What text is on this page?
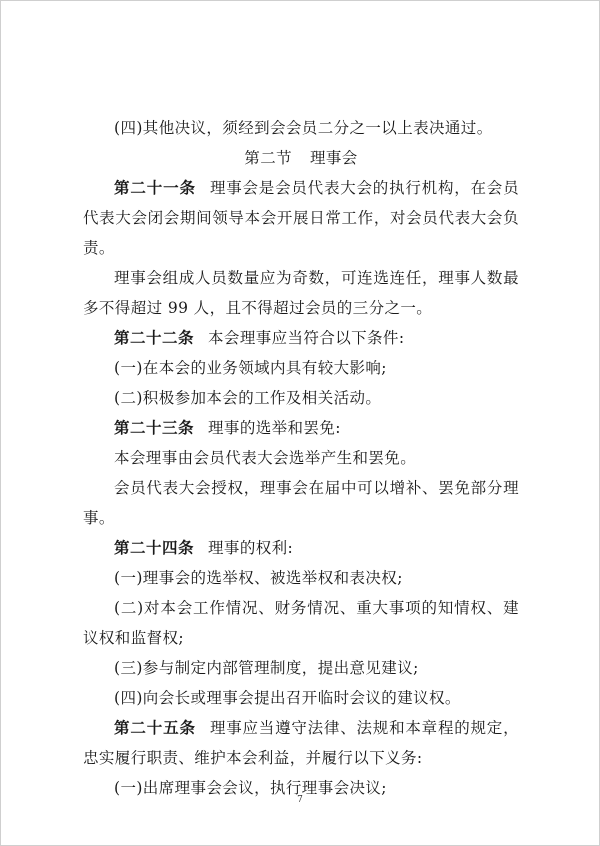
(四)其他决议，须经到会会员二分之一以上表决通过。

第二节 理事会

第二十一条 理事会是会员代表大会的执行机构，在会员代表大会闭会期间领导本会开展日常工作，对会员代表大会负责。

理事会组成人员数量应为奇数，可连选连任，理事人数最多不得超过 99 人，且不得超过会员的三分之一。

第二十二条 本会理事应当符合以下条件:

(一)在本会的业务领域内具有较大影响;

(二)积极参加本会的工作及相关活动。

第二十三条 理事的选举和罢免:

本会理事由会员代表大会选举产生和罢免。

会员代表大会授权，理事会在届中可以增补、罢免部分理事。

第二十四条 理事的权利:

(一)理事会的选举权、被选举权和表决权;

(二)对本会工作情况、财务情况、重大事项的知情权、建议权和监督权;

(三)参与制定内部管理制度，提出意见建议;

(四)向会长或理事会提出召开临时会议的建议权。

第二十五条 理事应当遵守法律、法规和本章程的规定，忠实履行职责、维护本会利益，并履行以下义务:

(一)出席理事会会议，执行理事会决议;

7
